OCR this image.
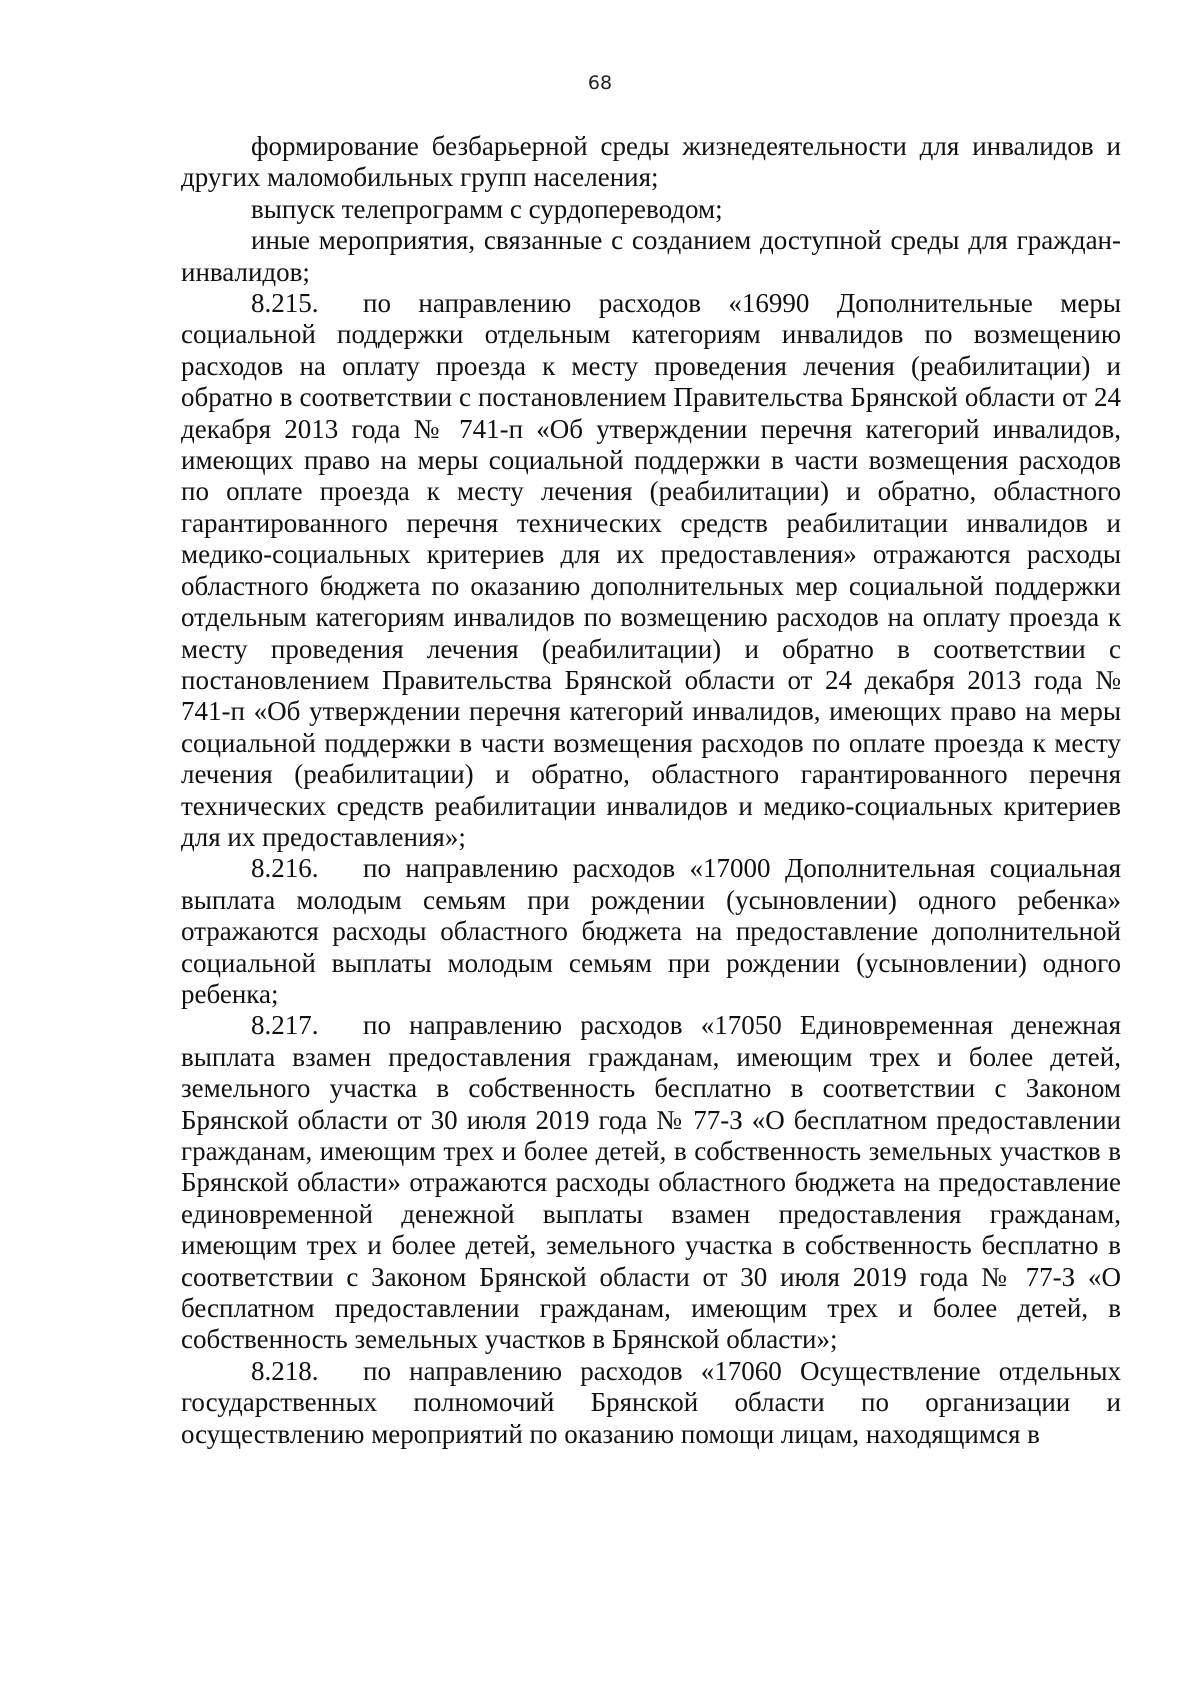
68

формирование безбарьерной среды жизнедеятельности для инвалидов и других маломобильных групп населения;

выпуск телепрограмм с сурдопереводом;

иные мероприятия, связанные с созданием доступной среды для граждан-инвалидов;

8.215. по направлению расходов «16990 Дополнительные меры социальной поддержки отдельным категориям инвалидов по возмещению расходов на оплату проезда к месту проведения лечения (реабилитации) и обратно в соответствии с постановлением Правительства Брянской области от 24 декабря 2013 года № 741-п «Об утверждении перечня категорий инвалидов, имеющих право на меры социальной поддержки в части возмещения расходов по оплате проезда к месту лечения (реабилитации) и обратно, областного гарантированного перечня технических средств реабилитации инвалидов и медико-социальных критериев для их предоставления» отражаются расходы областного бюджета по оказанию дополнительных мер социальной поддержки отдельным категориям инвалидов по возмещению расходов на оплату проезда к месту проведения лечения (реабилитации) и обратно в соответствии с постановлением Правительства Брянской области от 24 декабря 2013 года № 741-п «Об утверждении перечня категорий инвалидов, имеющих право на меры социальной поддержки в части возмещения расходов по оплате проезда к месту лечения (реабилитации) и обратно, областного гарантированного перечня технических средств реабилитации инвалидов и медико-социальных критериев для их предоставления»;

8.216. по направлению расходов «17000 Дополнительная социальная выплата молодым семьям при рождении (усыновлении) одного ребенка» отражаются расходы областного бюджета на предоставление дополнительной социальной выплаты молодым семьям при рождении (усыновлении) одного ребенка;

8.217. по направлению расходов «17050 Единовременная денежная выплата взамен предоставления гражданам, имеющим трех и более детей, земельного участка в собственность бесплатно в соответствии с Законом Брянской области от 30 июля 2019 года № 77-З «О бесплатном предоставлении гражданам, имеющим трех и более детей, в собственность земельных участков в Брянской области» отражаются расходы областного бюджета на предоставление единовременной денежной выплаты взамен предоставления гражданам, имеющим трех и более детей, земельного участка в собственность бесплатно в соответствии с Законом Брянской области от 30 июля 2019 года № 77-З «О бесплатном предоставлении гражданам, имеющим трех и более детей, в собственность земельных участков в Брянской области»;

8.218. по направлению расходов «17060 Осуществление отдельных государственных полномочий Брянской области по организации и осуществлению мероприятий по оказанию помощи лицам, находящимся в
